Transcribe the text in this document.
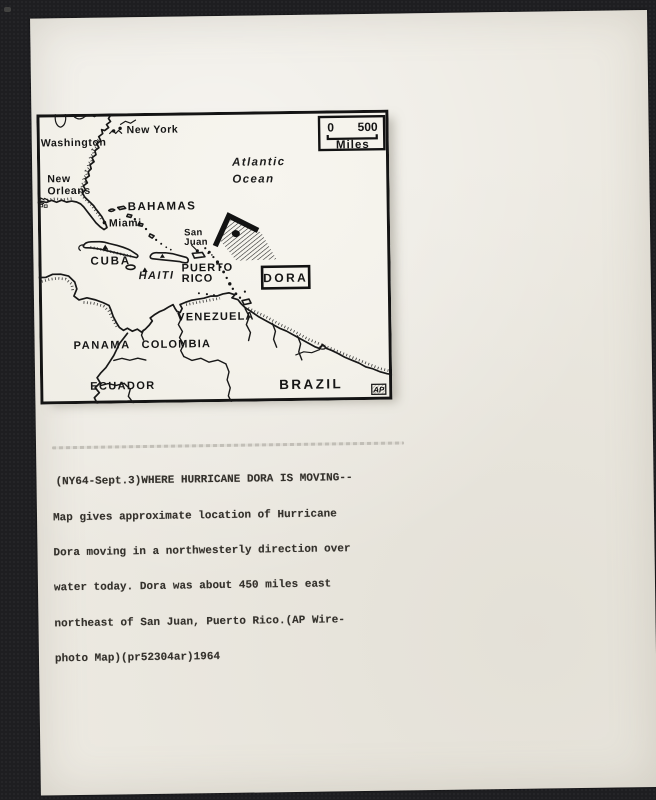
DORA
0 500
Miles
New York
Washington
New
Orleans
BAHAMAS
Miami
CUBA
HAITI
San
Juan
PUERTO
RICO
Atlantic
Ocean
VENEZUELA
PANAMA COLOMBIA
ECUADOR	BRAZIL	AP

(NY64-Sept.3)WHERE HURRICANE DORA IS MOVING--

Map gives approximate location of Hurricane

Dora moving in a northwesterly direction over

water today. Dora was about 450 miles east

northeast of San Juan, Puerto Rico.(AP Wire-

photo Map)(pr52304ar)1964
